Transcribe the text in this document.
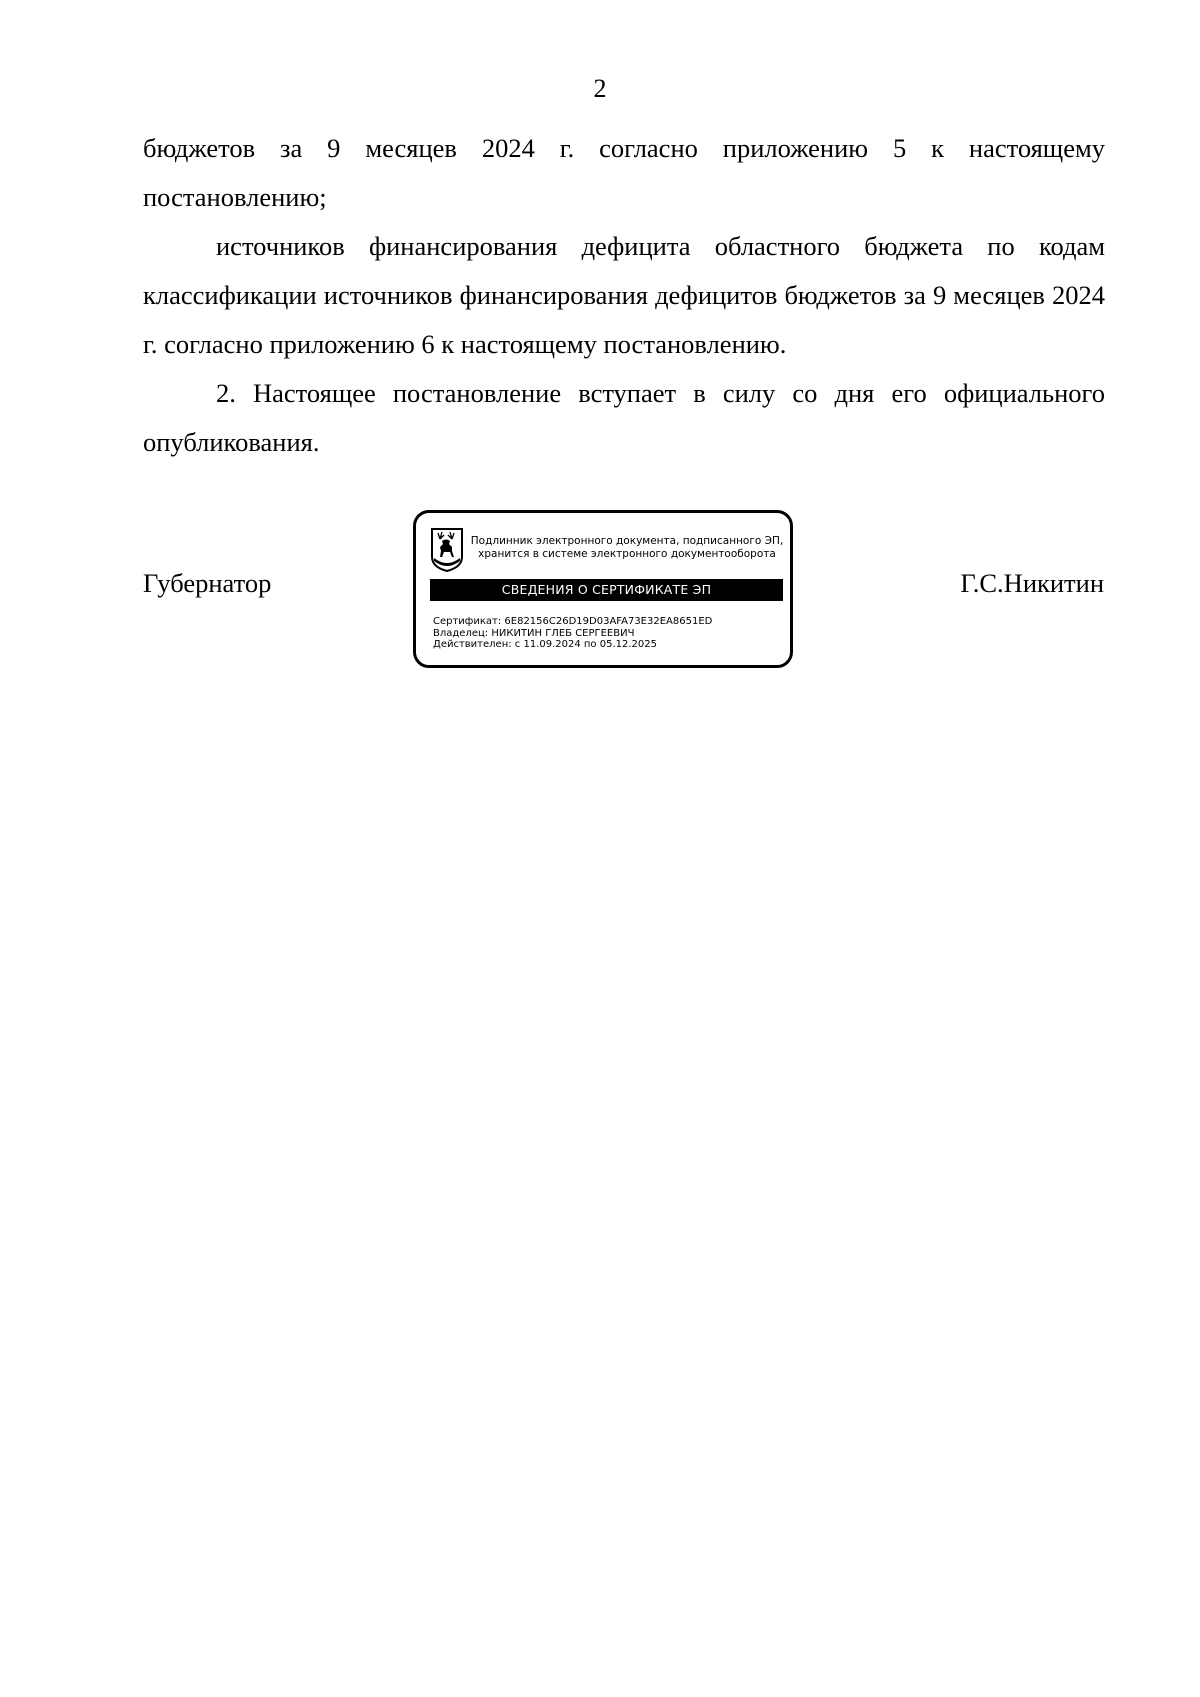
2

бюджетов за 9 месяцев 2024 г. согласно приложению 5 к настоящему постановлению;

источников финансирования дефицита областного бюджета по кодам классификации источников финансирования дефицитов бюджетов за 9 месяцев 2024 г. согласно приложению 6 к настоящему постановлению.

2. Настоящее постановление вступает в силу со дня его официального опубликования.

Губернатор
Подлинник электронного документа, подписанного ЭП,
хранится в системе электронного документооборота
СВЕДЕНИЯ О СЕРТИФИКАТЕ ЭП
Сертификат: 6E82156C26D19D03AFA73E32EA8651ED
Владелец: НИКИТИН ГЛЕБ СЕРГЕЕВИЧ
Действителен: с 11.09.2024 по 05.12.2025
Г.С.Никитин
